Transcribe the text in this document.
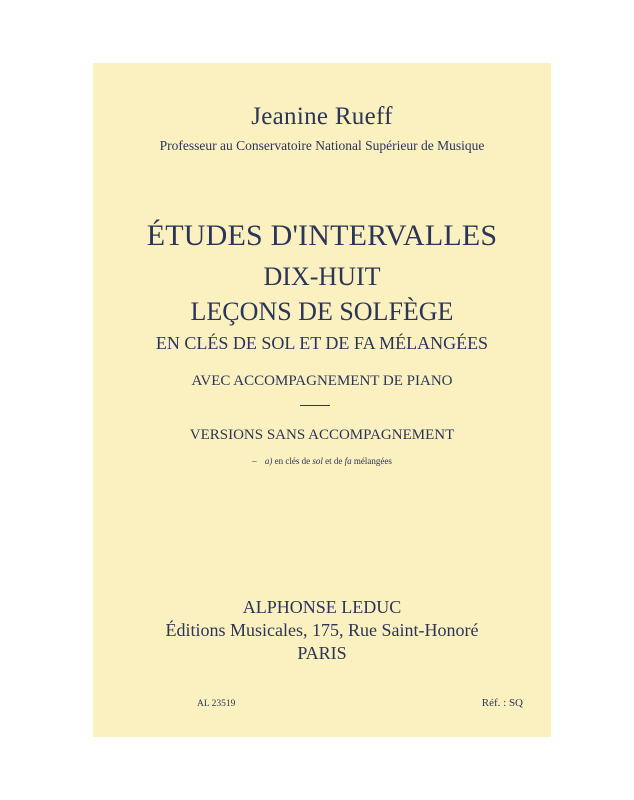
Jeanine Rueff
Professeur au Conservatoire National Supérieur de Musique
ÉTUDES D'INTERVALLES
DIX-HUIT
LEÇONS DE SOLFÈGE
EN CLÉS DE SOL ET DE FA MÉLANGÉES
AVEC ACCOMPAGNEMENT DE PIANO
VERSIONS SANS ACCOMPAGNEMENT
– a) en clés de sol et de fa mélangées
ALPHONSE LEDUC
Éditions Musicales, 175, Rue Saint-Honoré
PARIS
AL 23519	Réf. : SQ
